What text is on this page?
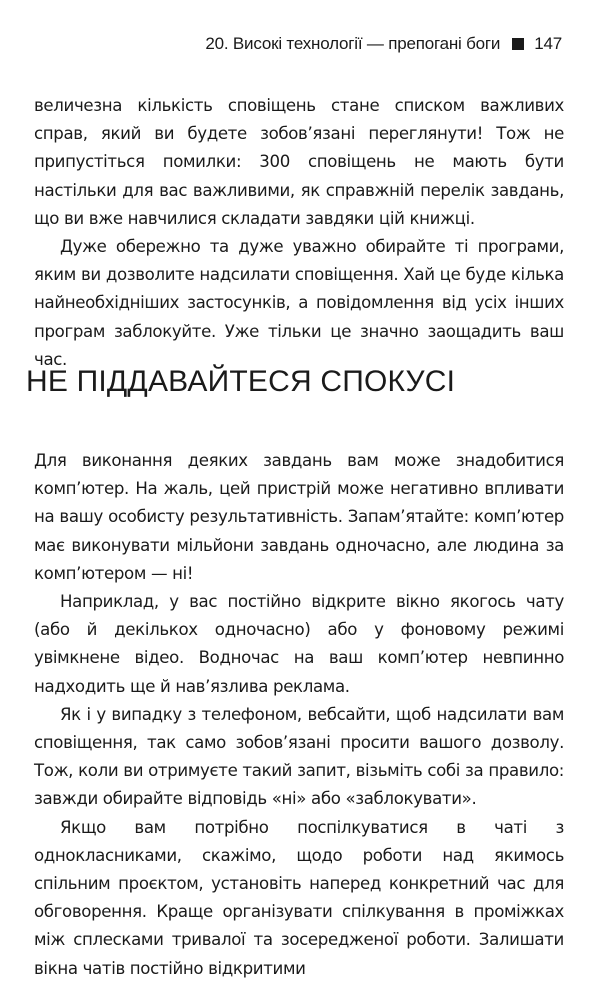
20. Високі технології — препогані боги 147

величезна кількість сповіщень стане списком важливих справ, який ви будете зобов’язані переглянути! Тож не припустіться помилки: 300 сповіщень не мають бути настільки для вас важливими, як справжній перелік завдань, що ви вже навчилися складати завдяки цій книжці.

Дуже обережно та дуже уважно обирайте ті програми, яким ви дозволите надсилати сповіщення. Хай це буде кілька найнеобхідніших застосунків, а повідомлення від усіх інших програм заблокуйте. Уже тільки це значно заощадить ваш час.

НЕ ПІДДАВАЙТЕСЯ СПОКУСІ

Для виконання деяких завдань вам може знадобитися комп’ютер. На жаль, цей пристрій може негативно впливати на вашу особисту результативність. Запам’ятайте: комп’ютер має виконувати мільйони завдань одночасно, але людина за комп’ютером — ні!

Наприклад, у вас постійно відкрите вікно якогось чату (або й декількох одночасно) або у фоновому режимі увімкнене відео. Водночас на ваш комп’ютер невпинно надходить ще й нав’язлива реклама.

Як і у випадку з телефоном, вебсайти, щоб надсилати вам сповіщення, так само зобов’язані просити вашого дозволу. Тож, коли ви отримуєте такий запит, візьміть собі за правило: завжди обирайте відповідь «ні» або «заблокувати».

Якщо вам потрібно поспілкуватися в чаті з однокласниками, скажімо, щодо роботи над якимось спільним проєктом, установіть наперед конкретний час для обговорення. Краще організувати спілкування в проміжках між сплесками тривалої та зосередженої роботи. Залишати вікна чатів постійно відкритими
